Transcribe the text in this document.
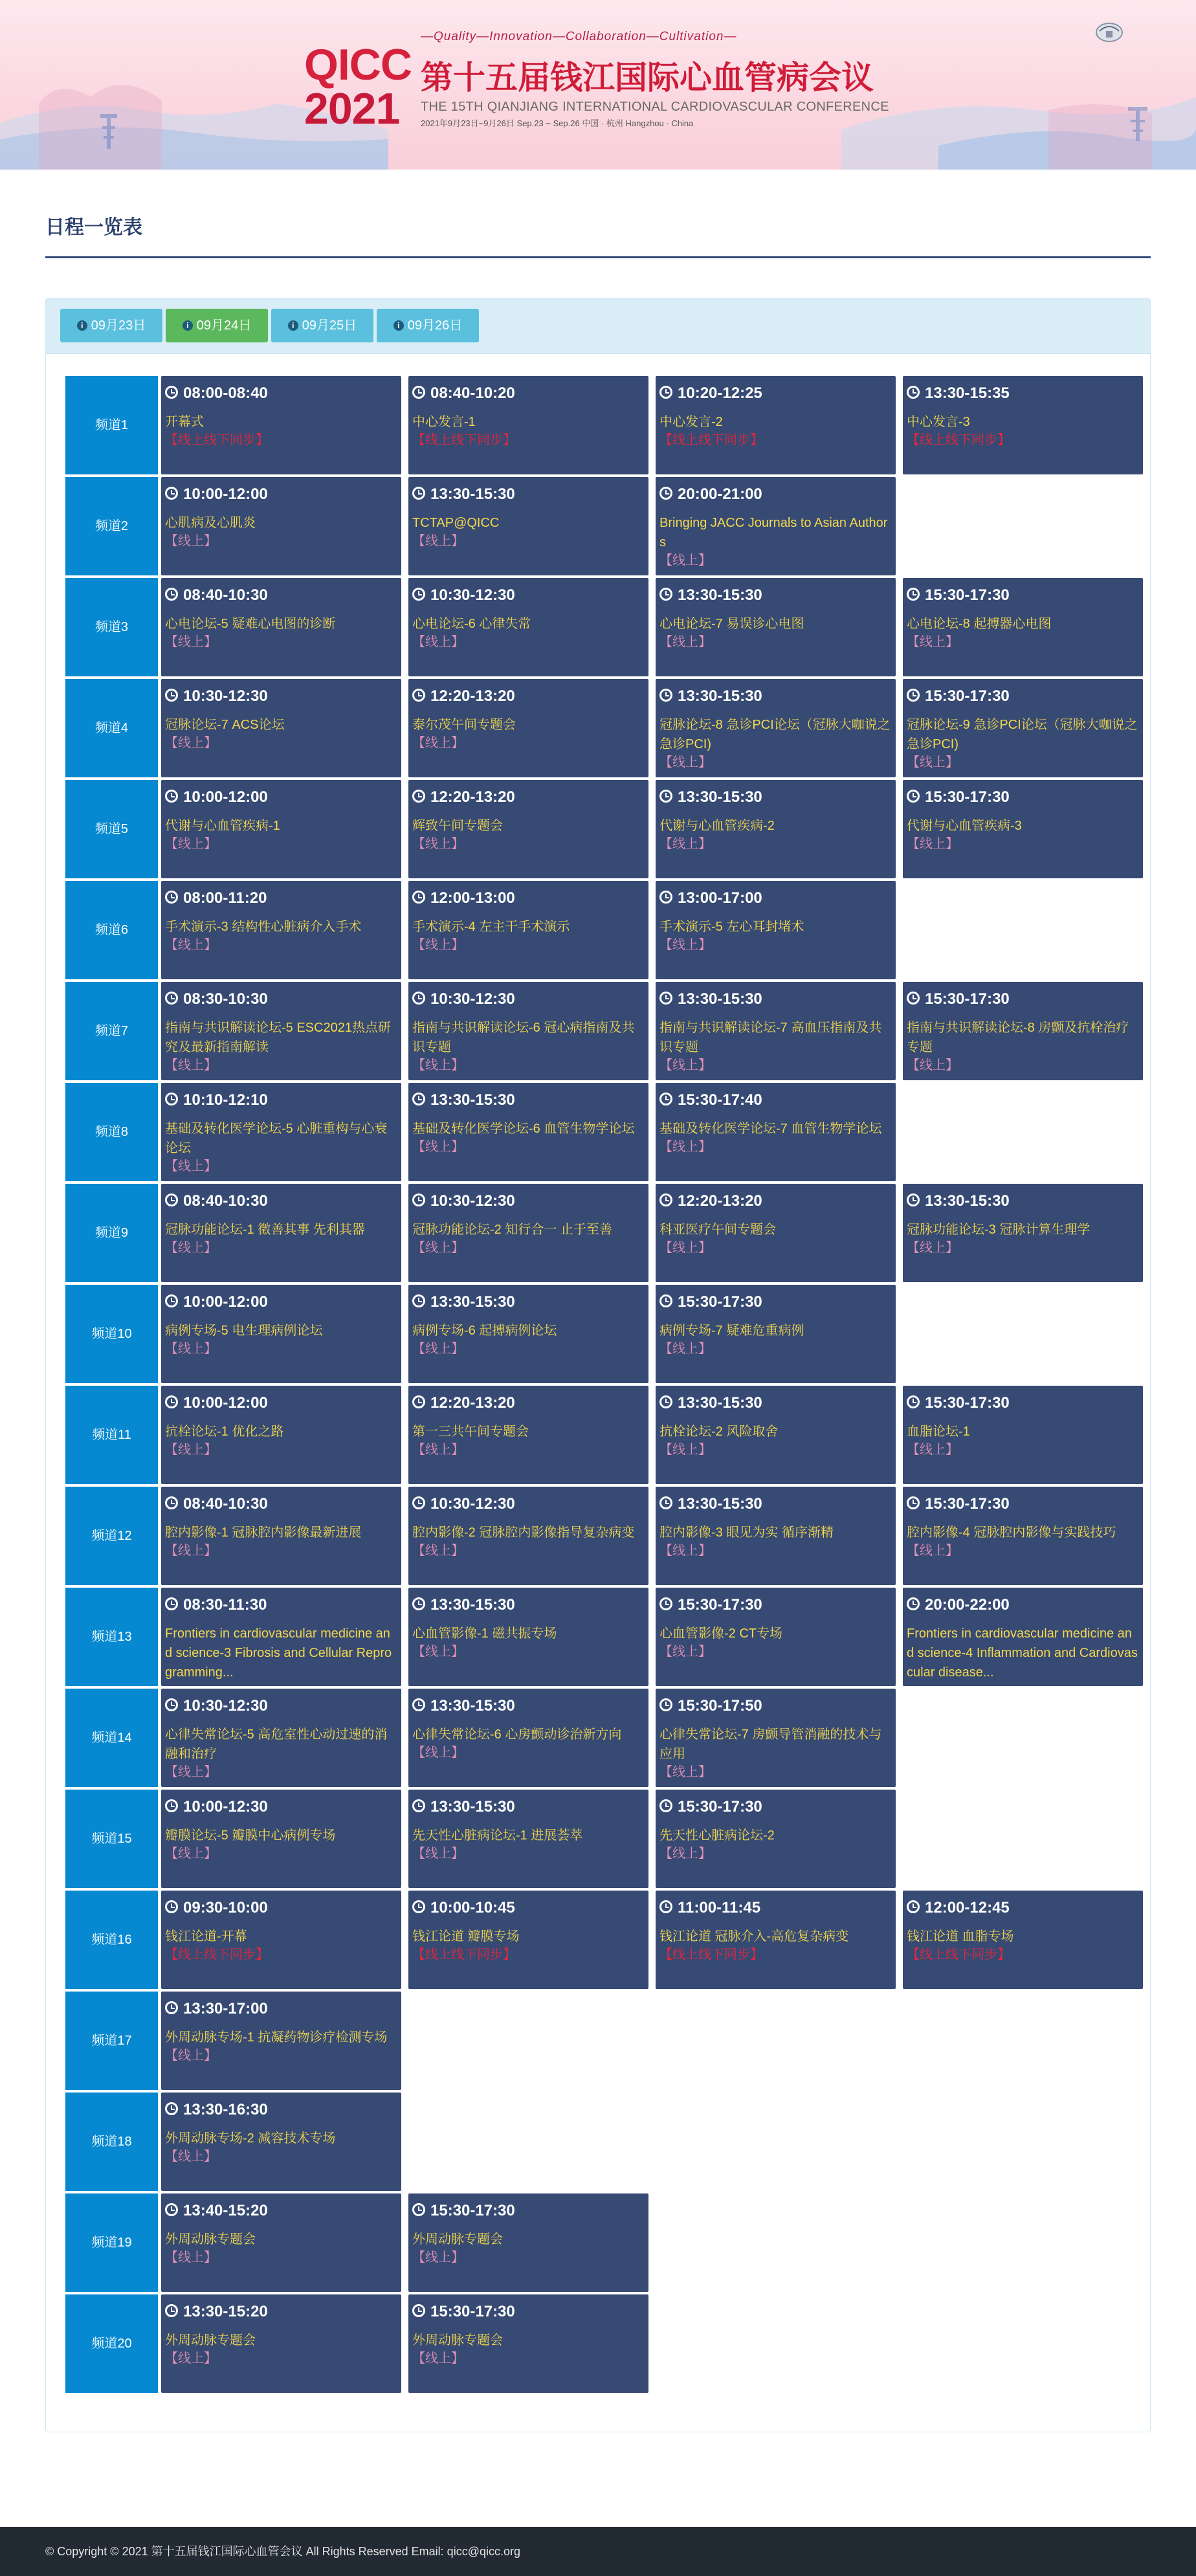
—Quality—Innovation—Collaboration—Cultivation—
QICC
2021
第十五届钱江国际心血管病会议
THE 15TH QIANJIANG INTERNATIONAL CARDIOVASCULAR CONFERENCE
2021年9月23日~9月26日 Sep.23 ~ Sep.26 中国 · 杭州 Hangzhou · China
日程一览表
i 09月23日	i 09月24日	i 09月25日	i 09月26日
频道1
08:00-08:40
开幕式
【线上线下同步】
08:40-10:20
中心发言-1
【线上线下同步】
10:20-12:25
中心发言-2
【线上线下同步】
13:30-15:35
中心发言-3
【线上线下同步】
频道2
10:00-12:00
心肌病及心肌炎
【线上】
13:30-15:30
TCTAP@QICC
【线上】
20:00-21:00
Bringing JACC Journals to Asian Authors
【线上】
频道3
08:40-10:30
心电论坛-5 疑难心电图的诊断
【线上】
10:30-12:30
心电论坛-6 心律失常
【线上】
13:30-15:30
心电论坛-7 易误诊心电图
【线上】
15:30-17:30
心电论坛-8 起搏器心电图
【线上】
频道4
10:30-12:30
冠脉论坛-7 ACS论坛
【线上】
12:20-13:20
泰尔茂午间专题会
【线上】
13:30-15:30
冠脉论坛-8 急诊PCI论坛（冠脉大咖说之急诊PCI)
【线上】
15:30-17:30
冠脉论坛-9 急诊PCI论坛（冠脉大咖说之急诊PCI)
【线上】
频道5
10:00-12:00
代谢与心血管疾病-1
【线上】
12:20-13:20
辉致午间专题会
【线上】
13:30-15:30
代谢与心血管疾病-2
【线上】
15:30-17:30
代谢与心血管疾病-3
【线上】
频道6
08:00-11:20
手术演示-3 结构性心脏病介入手术
【线上】
12:00-13:00
手术演示-4 左主干手术演示
【线上】
13:00-17:00
手术演示-5 左心耳封堵术
【线上】
频道7
08:30-10:30
指南与共识解读论坛-5 ESC2021热点研究及最新指南解读
【线上】
10:30-12:30
指南与共识解读论坛-6 冠心病指南及共识专题
【线上】
13:30-15:30
指南与共识解读论坛-7 高血压指南及共识专题
【线上】
15:30-17:30
指南与共识解读论坛-8 房颤及抗栓治疗专题
【线上】
频道8
10:10-12:10
基础及转化医学论坛-5 心脏重构与心衰论坛
【线上】
13:30-15:30
基础及转化医学论坛-6 血管生物学论坛
【线上】
15:30-17:40
基础及转化医学论坛-7 血管生物学论坛
【线上】
频道9
08:40-10:30
冠脉功能论坛-1 徵善其事 先利其器
【线上】
10:30-12:30
冠脉功能论坛-2 知行合一 止于至善
【线上】
12:20-13:20
科亚医疗午间专题会
【线上】
13:30-15:30
冠脉功能论坛-3 冠脉计算生理学
【线上】
频道10
10:00-12:00
病例专场-5 电生理病例论坛
【线上】
13:30-15:30
病例专场-6 起搏病例论坛
【线上】
15:30-17:30
病例专场-7 疑难危重病例
【线上】
频道11
10:00-12:00
抗栓论坛-1 优化之路
【线上】
12:20-13:20
第一三共午间专题会
【线上】
13:30-15:30
抗栓论坛-2 风险取舍
【线上】
15:30-17:30
血脂论坛-1
【线上】
频道12
08:40-10:30
腔内影像-1 冠脉腔内影像最新进展
【线上】
10:30-12:30
腔内影像-2 冠脉腔内影像指导复杂病变
【线上】
13:30-15:30
腔内影像-3 眼见为实 循序渐精
【线上】
15:30-17:30
腔内影像-4 冠脉腔内影像与实践技巧
【线上】
频道13
08:30-11:30
Frontiers in cardiovascular medicine and science-3 Fibrosis and Cellular Reprogramming...
13:30-15:30
心血管影像-1 磁共振专场
【线上】
15:30-17:30
心血管影像-2 CT专场
【线上】
20:00-22:00
Frontiers in cardiovascular medicine and science-4 Inflammation and Cardiovascular disease...
频道14
10:30-12:30
心律失常论坛-5 高危室性心动过速的消融和治疗
【线上】
13:30-15:30
心律失常论坛-6 心房颤动诊治新方向
【线上】
15:30-17:50
心律失常论坛-7 房颤导管消融的技术与应用
【线上】
频道15
10:00-12:30
瓣膜论坛-5 瓣膜中心病例专场
【线上】
13:30-15:30
先天性心脏病论坛-1 进展荟萃
【线上】
15:30-17:30
先天性心脏病论坛-2
【线上】
频道16
09:30-10:00
钱江论道-开幕
【线上线下同步】
10:00-10:45
钱江论道 瓣膜专场
【线上线下同步】
11:00-11:45
钱江论道 冠脉介入-高危复杂病变
【线上线下同步】
12:00-12:45
钱江论道 血脂专场
【线上线下同步】
频道17
13:30-17:00
外周动脉专场-1 抗凝药物诊疗检测专场
【线上】
频道18
13:30-16:30
外周动脉专场-2 减容技术专场
【线上】
频道19
13:40-15:20
外周动脉专题会
【线上】
15:30-17:30
外周动脉专题会
【线上】
频道20
13:30-15:20
外周动脉专题会
【线上】
15:30-17:30
外周动脉专题会
【线上】
© Copyright © 2021 第十五届钱江国际心血管会议 All Rights Reserved Email: qicc@qicc.org
